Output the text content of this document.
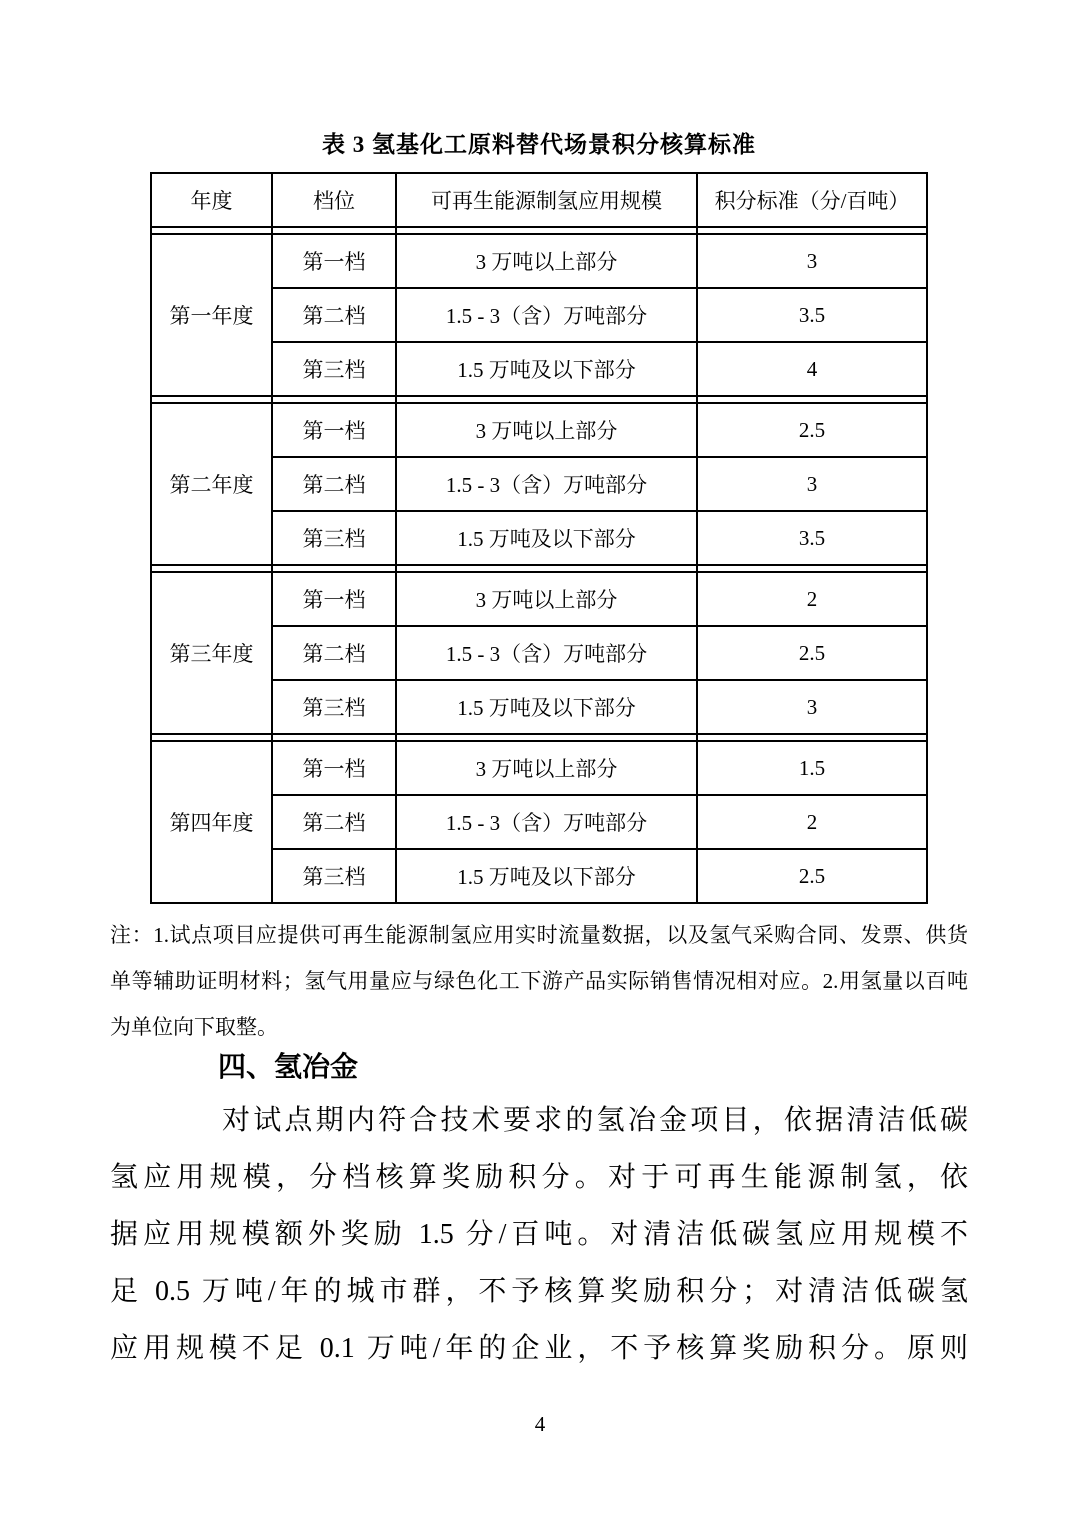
表 3 氢基化工原料替代场景积分核算标准
年度	档位	可再生能源制氢应用规模	积分标准（分/百吨）

第一年度	第一档	3 万吨以上部分	3
	第二档	1.5 - 3（含）万吨部分	3.5
	第三档	1.5 万吨及以下部分	4

第二年度	第一档	3 万吨以上部分	2.5
	第二档	1.5 - 3（含）万吨部分	3
	第三档	1.5 万吨及以下部分	3.5

第三年度	第一档	3 万吨以上部分	2
	第二档	1.5 - 3（含）万吨部分	2.5
	第三档	1.5 万吨及以下部分	3

第四年度	第一档	3 万吨以上部分	1.5
	第二档	1.5 - 3（含）万吨部分	2
	第三档	1.5 万吨及以下部分	2.5
注：1.试点项目应提供可再生能源制氢应用实时流量数据，以及氢气采购合同、发票、供货
单等辅助证明材料；氢气用量应与绿色化工下游产品实际销售情况相对应。2.用氢量以百吨
为单位向下取整。
四、氢冶金
对试点期内符合技术要求的氢冶金项目，依据清洁低碳
氢应用规模，分档核算奖励积分。对于可再生能源制氢，依
据应用规模额外奖励 1.5 分/百吨。对清洁低碳氢应用规模不
足 0.5 万吨/年的城市群，不予核算奖励积分；对清洁低碳氢
应用规模不足 0.1 万吨/年的企业，不予核算奖励积分。原则
4
